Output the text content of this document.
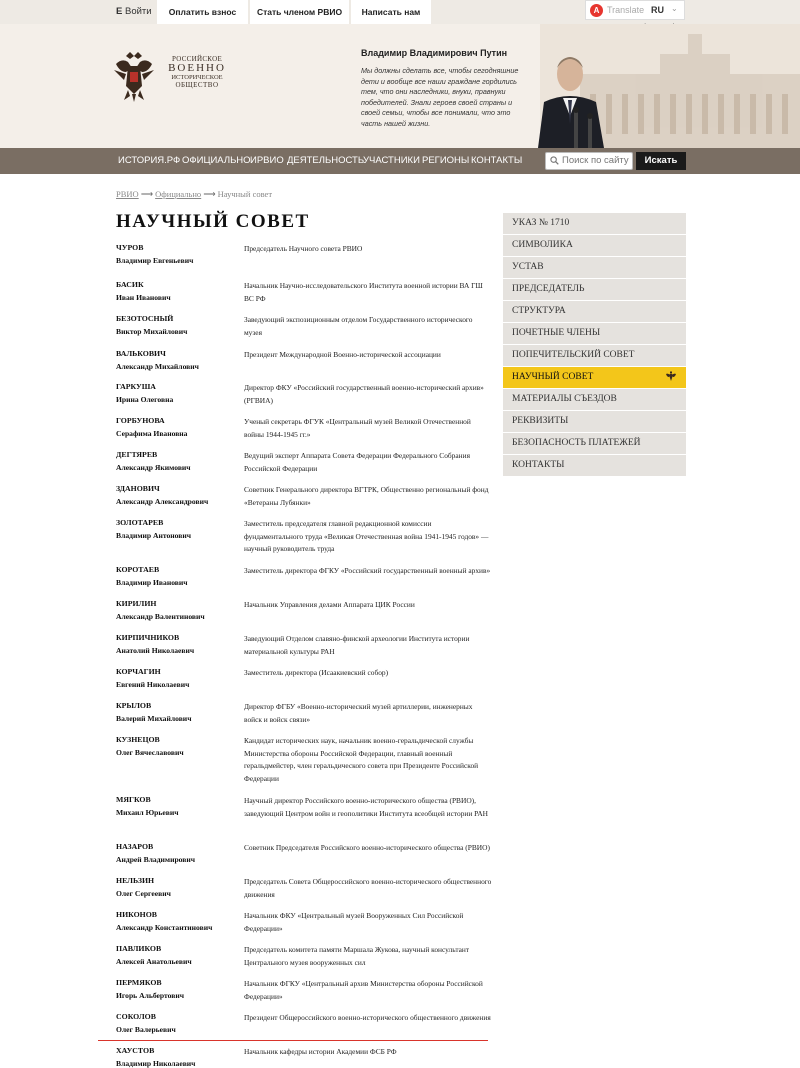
E Войти	Оплатить взнос	Стать членом РВИО	Написать нам	A Translate RU ⌄
РОССИЙСКОЕ
ВОЕННО
ИСТОРИЧЕСКОЕ
ОБЩЕСТВО
Владимир Владимирович Путин
Мы должны сделать все, чтобы сегодняшние дети и вообще все наши граждане гордились тем, что они наследники, внуки, правнуки победителей. Знали героев своей страны и своей семьи, чтобы все понимали, что это часть нашей жизни.
ИСТОРИЯ.РФ ОФИЦИАЛЬНО ИРВИО ДЕЯТЕЛЬНОСТЬ
УЧАСТНИКИ РЕГИОНЫ КОНТАКТЫ	Поиск по сайту	Искать
РВИО ⟶ Официально ⟶ Научный совет
НАУЧНЫЙ СОВЕТ
ЧУРОВ
Владимир Евгеньевич
Председатель Научного совета РВИО
БАСИК
Иван Иванович
Начальник Научно-исследовательского Института военной истории ВА ГШ ВС РФ
БЕЗОТОСНЫЙ
Виктор Михайлович
Заведующий экспозиционным отделом Государственного исторического музея
ВАЛЬКОВИЧ
Александр Михайлович
Президент Международной Военно-исторической ассоциации
ГАРКУША
Ирина Олеговна
Директор ФКУ «Российский государственный военно-исторический архив» (РГВИА)
ГОРБУНОВА
Серафима Ивановна
Ученый секретарь ФГУК «Центральный музей Великой Отечественной войны 1944-1945 гг.»
ДЕГТЯРЕВ
Александр Якимович
Ведущий эксперт Аппарата Совета Федерации Федерального Собрания Российской Федерации
ЗДАНОВИЧ
Александр Александрович
Советник Генерального директора ВГТРК, Общественно региональный фонд «Ветераны Лубянки»
ЗОЛОТАРЕВ
Владимир Антонович
Заместитель председателя главной редакционной комиссии фундаментального труда «Великая Отечественная война 1941-1945 годов» — научный руководитель труда
КОРОТАЕВ
Владимир Иванович
Заместитель директора ФГКУ «Российский государственный военный архив»
КИРИЛИН
Александр Валентинович
Начальник Управления делами Аппарата ЦИК России
КИРПИЧНИКОВ
Анатолий Николаевич
Заведующий Отделом славяно-финской археологии Института истории материальной культуры РАН
КОРЧАГИН
Евгений Николаевич
Заместитель директора (Исаакиевский собор)
КРЫЛОВ
Валерий Михайлович
Директор ФГБУ «Военно-исторический музей артиллерии, инженерных войск и войск связи»
КУЗНЕЦОВ
Олег Вячеславович
Кандидат исторических наук, начальник военно-геральдической службы Министерства обороны Российской Федерации, главный военный геральдмейстер, член геральдического совета при Президенте Российской Федерации
МЯГКОВ
Михаил Юрьевич
Научный директор Российского военно-исторического общества (РВИО), заведующий Центром войн и геополитики Института всеобщей истории РАН
НАЗАРОВ
Андрей Владимирович
Советник Председателя Российского военно-исторического общества (РВИО)
НЕЛЬЗИН
Олег Сергеевич
Председатель Совета Общероссийского военно-исторического общественного движения
НИКОНОВ
Александр Константинович
Начальник ФКУ «Центральный музей Вооруженных Сил Российской Федерации»
ПАВЛИКОВ
Алексей Анатольевич
Председатель комитета памяти Маршала Жукова, научный консультант Центрального музея вооруженных сил
ПЕРМЯКОВ
Игорь Альбертович
Начальник ФГКУ «Центральный архив Министерства обороны Российской Федерации»
СОКОЛОВ
Олег Валерьевич
Президент Общероссийского военно-исторического общественного движения
ХАУСТОВ
Владимир Николаевич
Начальник кафедры истории Академии ФСБ РФ
УКАЗ № 1710
СИМВОЛИКА
УСТАВ
ПРЕДСЕДАТЕЛЬ
СТРУКТУРА
ПОЧЕТНЫЕ ЧЛЕНЫ
ПОПЕЧИТЕЛЬСКИЙ СОВЕТ
НАУЧНЫЙ СОВЕТ
МАТЕРИАЛЫ СЪЕЗДОВ
РЕКВИЗИТЫ
БЕЗОПАСНОСТЬ ПЛАТЕЖЕЙ
КОНТАКТЫ
